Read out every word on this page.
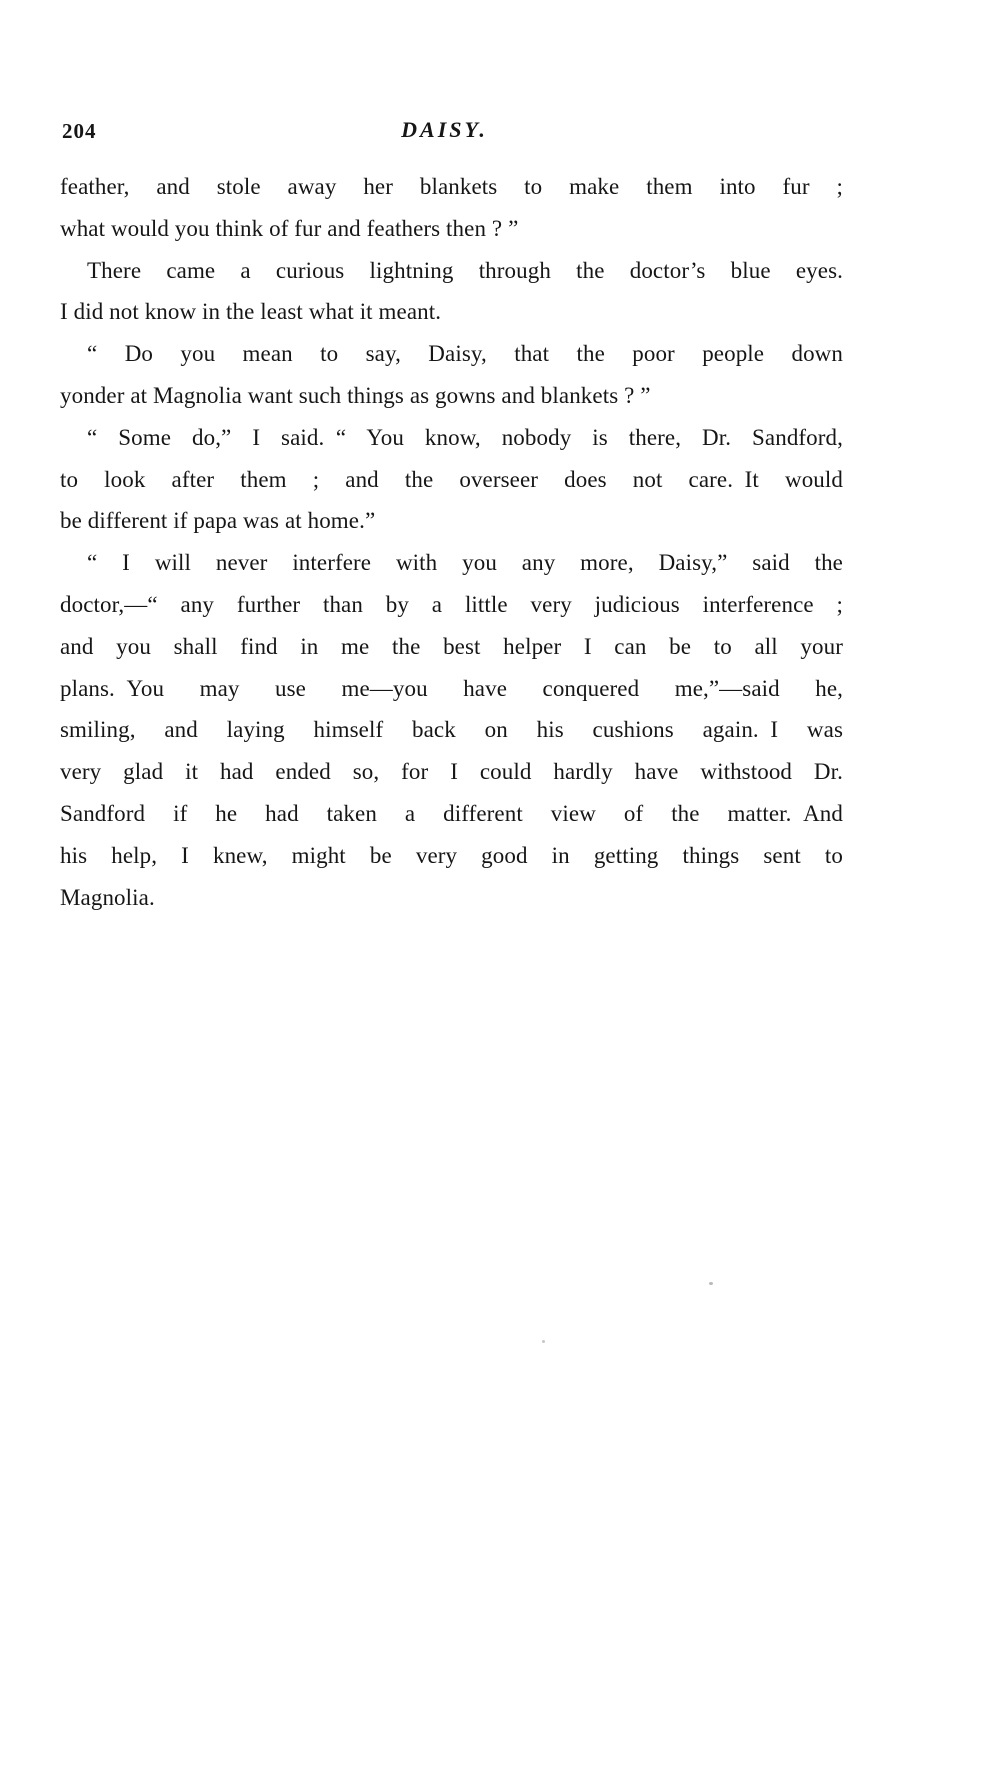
204	DAISY.
feather, and stole away her blankets to make them into fur ;
what would you think of fur and feathers then ? ”
There came a curious lightning through the doctor’s blue eyes.
I did not know in the least what it meant.
“ Do you mean to say, Daisy, that the poor people down
yonder at Magnolia want such things as gowns and blankets ? ”
“ Some do,” I said. “ You know, nobody is there, Dr. Sandford,
to look after them ; and the overseer does not care. It would
be different if papa was at home.”
“ I will never interfere with you any more, Daisy,” said the
doctor,—“ any further than by a little very judicious interference ;
and you shall find in me the best helper I can be to all your
plans. You may use me—you have conquered me,”—said he,
smiling, and laying himself back on his cushions again. I was
very glad it had ended so, for I could hardly have withstood Dr.
Sandford if he had taken a different view of the matter. And
his help, I knew, might be very good in getting things sent to
Magnolia.
